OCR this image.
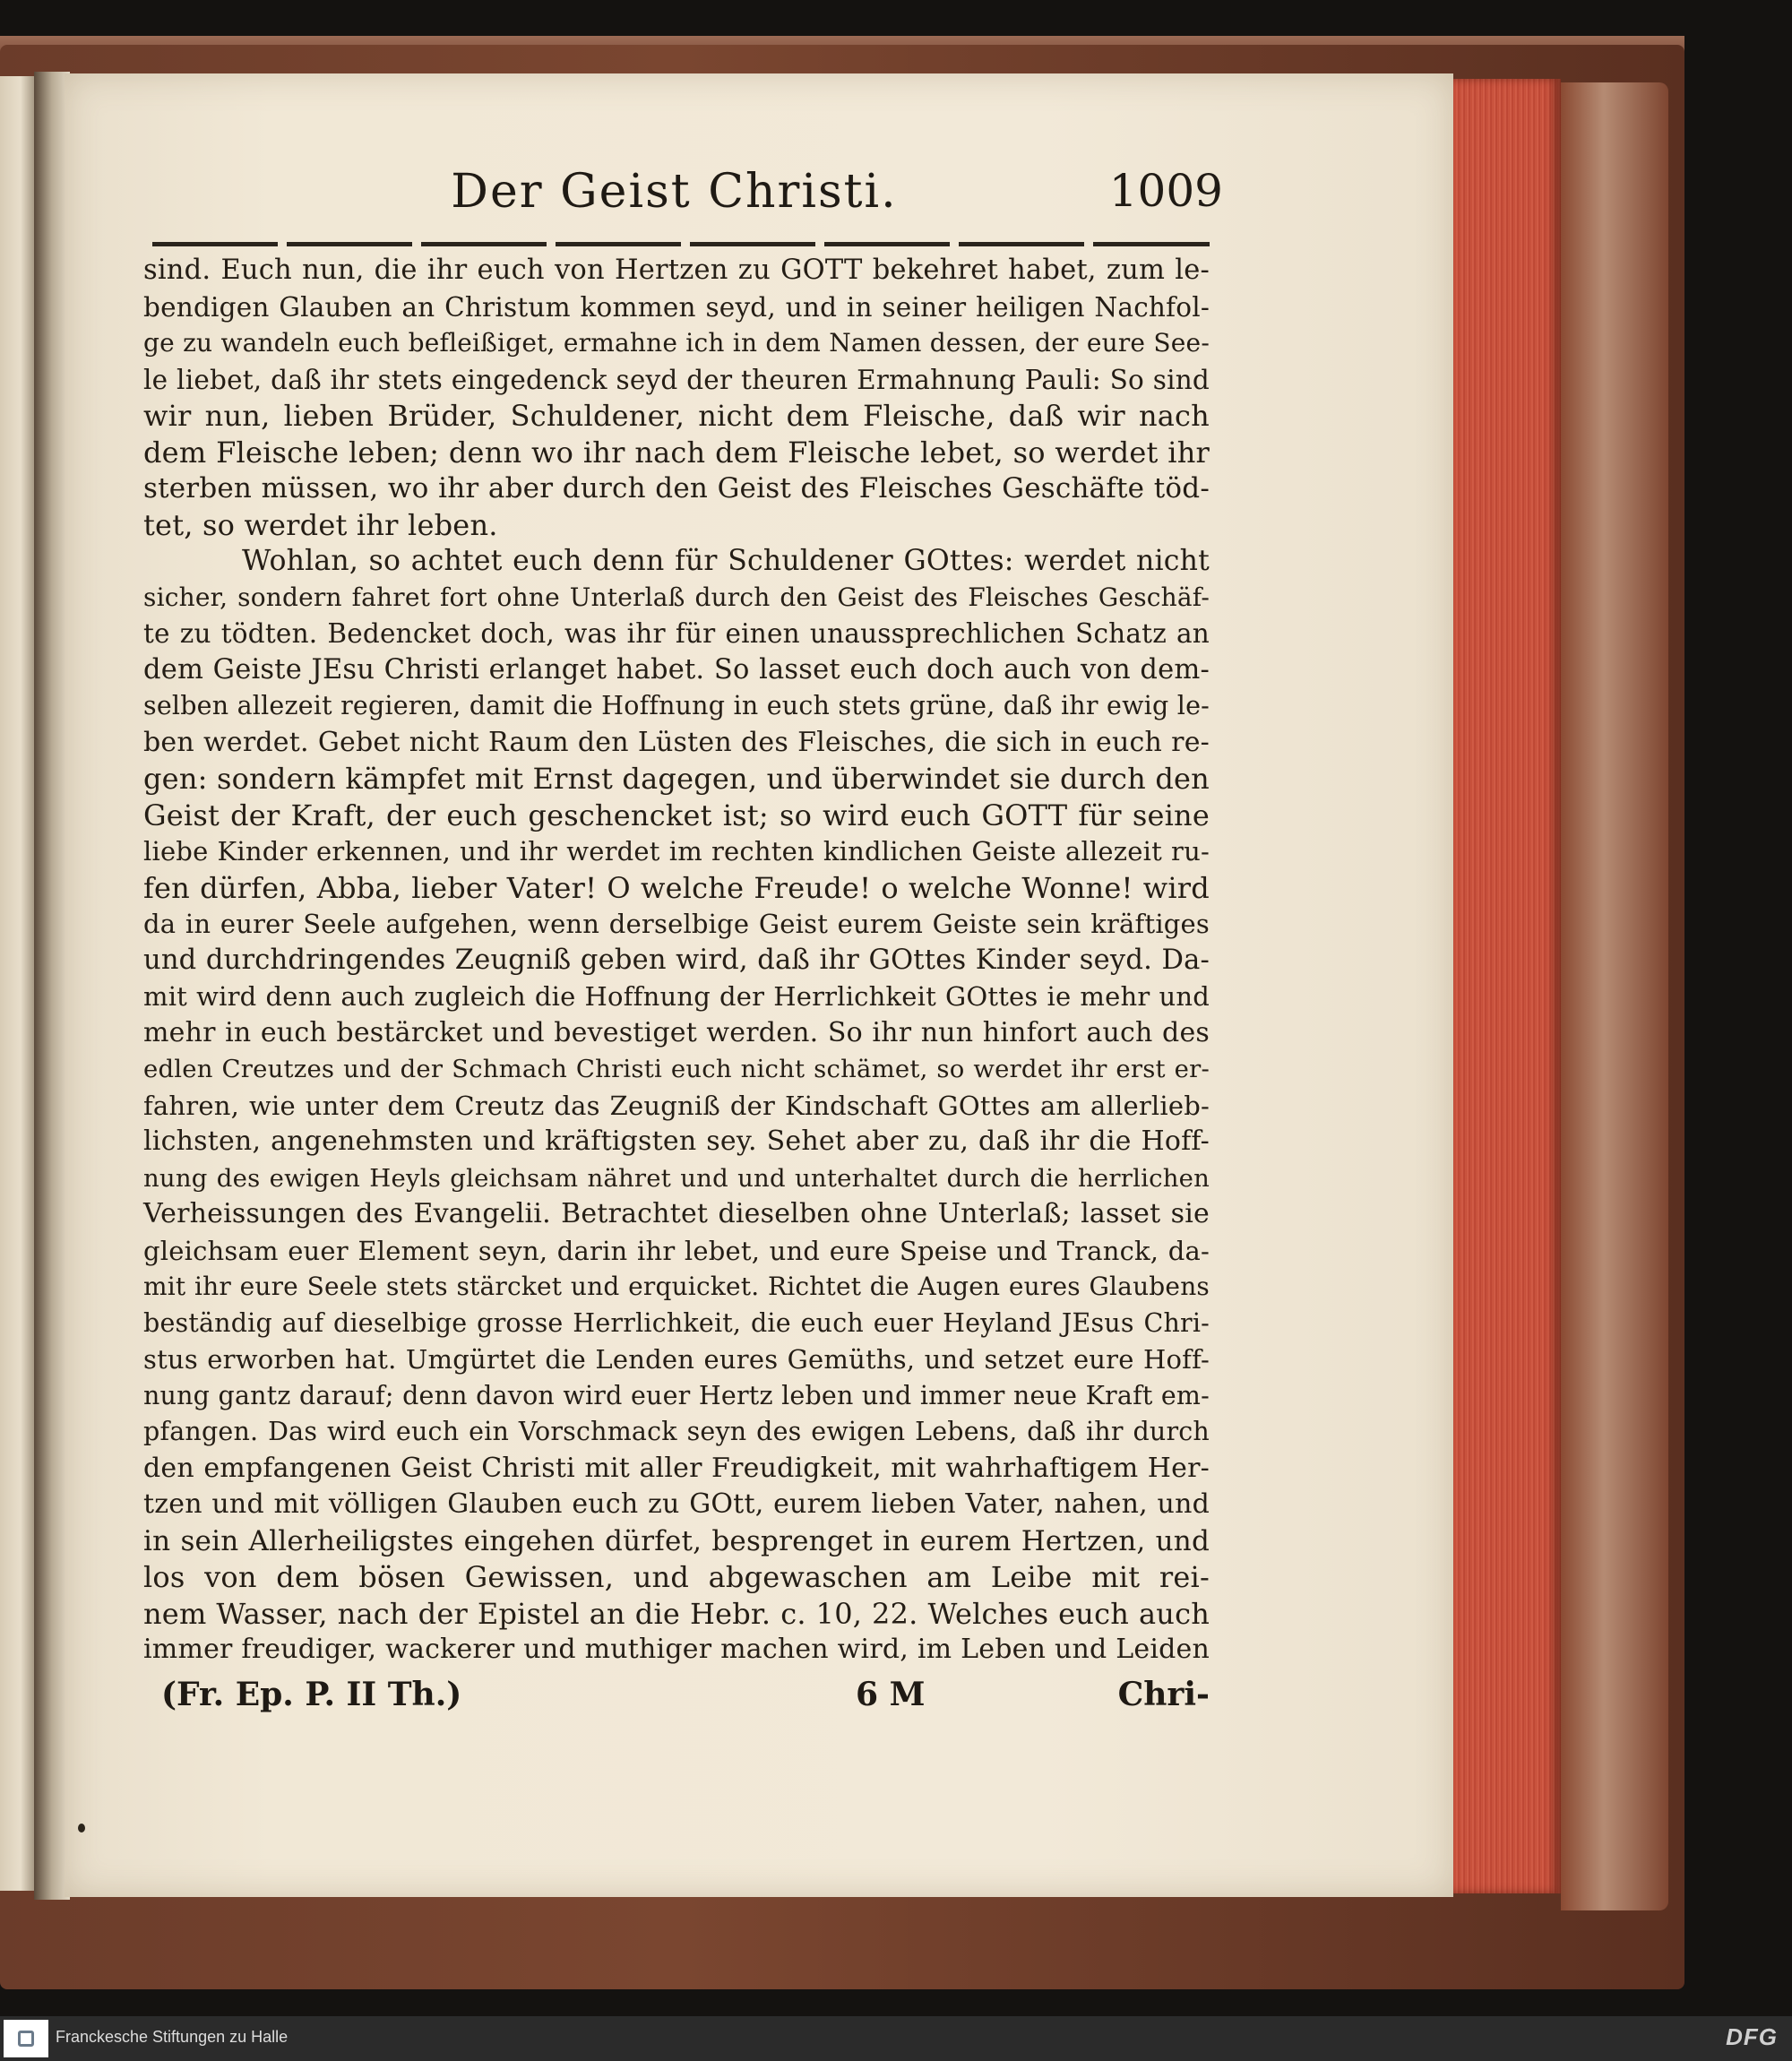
Der Geist Christi.	1009
sind. Euch nun, die ihr euch von Hertzen zu GOTT bekehret habet, zum le-
bendigen Glauben an Christum kommen seyd, und in seiner heiligen Nachfol-
ge zu wandeln euch befleißiget, ermahne ich in dem Namen dessen, der eure See-
le liebet, daß ihr stets eingedenck seyd der theuren Ermahnung Pauli: So sind
wir nun, lieben Brüder, Schuldener, nicht dem Fleische, daß wir nach
dem Fleische leben; denn wo ihr nach dem Fleische lebet, so werdet ihr
sterben müssen, wo ihr aber durch den Geist des Fleisches Geschäfte töd-
tet, so werdet ihr leben.
Wohlan, so achtet euch denn für Schuldener GOttes: werdet nicht
sicher, sondern fahret fort ohne Unterlaß durch den Geist des Fleisches Geschäf-
te zu tödten. Bedencket doch, was ihr für einen unaussprechlichen Schatz an
dem Geiste JEsu Christi erlanget habet. So lasset euch doch auch von dem-
selben allezeit regieren, damit die Hoffnung in euch stets grüne, daß ihr ewig le-
ben werdet. Gebet nicht Raum den Lüsten des Fleisches, die sich in euch re-
gen: sondern kämpfet mit Ernst dagegen, und überwindet sie durch den
Geist der Kraft, der euch geschencket ist; so wird euch GOTT für seine
liebe Kinder erkennen, und ihr werdet im rechten kindlichen Geiste allezeit ru-
fen dürfen, Abba, lieber Vater! O welche Freude! o welche Wonne! wird
da in eurer Seele aufgehen, wenn derselbige Geist eurem Geiste sein kräftiges
und durchdringendes Zeugniß geben wird, daß ihr GOttes Kinder seyd. Da-
mit wird denn auch zugleich die Hoffnung der Herrlichkeit GOttes ie mehr und
mehr in euch bestärcket und bevestiget werden. So ihr nun hinfort auch des
edlen Creutzes und der Schmach Christi euch nicht schämet, so werdet ihr erst er-
fahren, wie unter dem Creutz das Zeugniß der Kindschaft GOttes am allerlieb-
lichsten, angenehmsten und kräftigsten sey. Sehet aber zu, daß ihr die Hoff-
nung des ewigen Heyls gleichsam nähret und und unterhaltet durch die herrlichen
Verheissungen des Evangelii. Betrachtet dieselben ohne Unterlaß; lasset sie
gleichsam euer Element seyn, darin ihr lebet, und eure Speise und Tranck, da-
mit ihr eure Seele stets stärcket und erquicket. Richtet die Augen eures Glaubens
beständig auf dieselbige grosse Herrlichkeit, die euch euer Heyland JEsus Chri-
stus erworben hat. Umgürtet die Lenden eures Gemüths, und setzet eure Hoff-
nung gantz darauf; denn davon wird euer Hertz leben und immer neue Kraft em-
pfangen. Das wird euch ein Vorschmack seyn des ewigen Lebens, daß ihr durch
den empfangenen Geist Christi mit aller Freudigkeit, mit wahrhaftigem Her-
tzen und mit völligen Glauben euch zu GOtt, eurem lieben Vater, nahen, und
in sein Allerheiligstes eingehen dürfet, besprenget in eurem Hertzen, und
los von dem bösen Gewissen, und abgewaschen am Leibe mit rei-
nem Wasser, nach der Epistel an die Hebr. c. 10, 22. Welches euch auch
immer freudiger, wackerer und muthiger machen wird, im Leben und Leiden
(Fr. Ep. P. II Th.)	6 M	Chri-
Franckesche Stiftungen zu Halle	DFG
